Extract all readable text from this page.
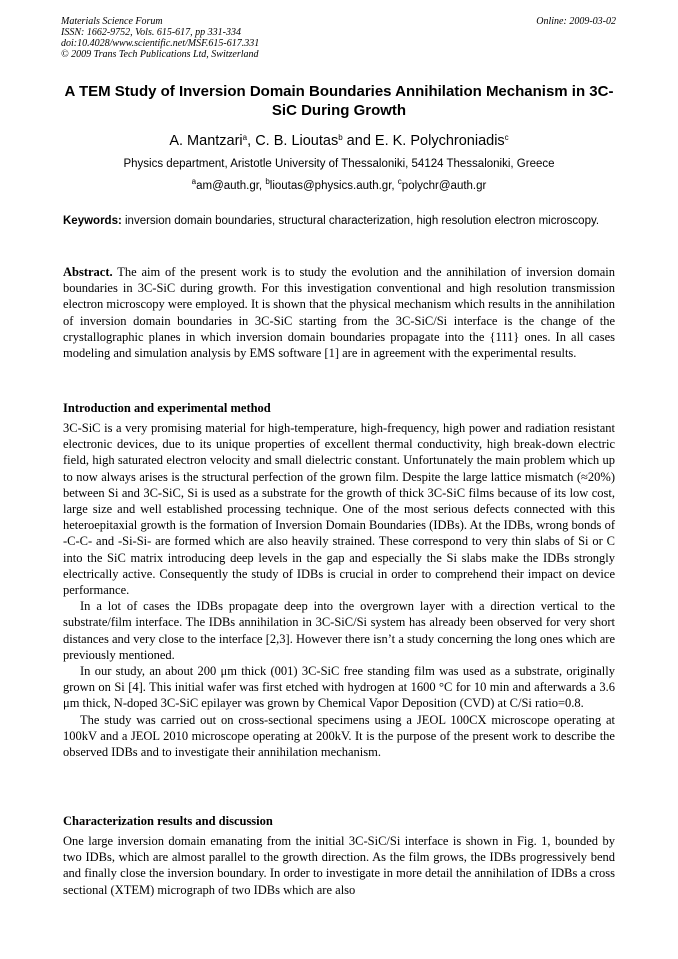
Materials Science Forum
ISSN: 1662-9752, Vols. 615-617, pp 331-334
doi:10.4028/www.scientific.net/MSF.615-617.331
© 2009 Trans Tech Publications Ltd, Switzerland
Online: 2009-03-02
A TEM Study of Inversion Domain Boundaries Annihilation Mechanism in 3C-SiC During Growth
A. Mantzari$^a$, C. B. Lioutas$^b$ and E. K. Polychroniadis$^c$
Physics department, Aristotle University of Thessaloniki, 54124 Thessaloniki, Greece
$^a$am@auth.gr, $^b$lioutas@physics.auth.gr, $^c$polychr@auth.gr
Keywords: inversion domain boundaries, structural characterization, high resolution electron microscopy.
Abstract. The aim of the present work is to study the evolution and the annihilation of inversion domain boundaries in 3C-SiC during growth. For this investigation conventional and high resolution transmission electron microscopy were employed. It is shown that the physical mechanism which results in the annihilation of inversion domain boundaries in 3C-SiC starting from the 3C-SiC/Si interface is the change of the crystallographic planes in which inversion domain boundaries propagate into the {111} ones. In all cases modeling and simulation analysis by EMS software [1] are in agreement with the experimental results.
Introduction and experimental method

3C-SiC is a very promising material for high-temperature, high-frequency, high power and radiation resistant electronic devices, due to its unique properties of excellent thermal conductivity, high break-down electric field, high saturated electron velocity and small dielectric constant. Unfortunately the main problem which up to now always arises is the structural perfection of the grown film. Despite the large lattice mismatch (≈20%) between Si and 3C-SiC, Si is used as a substrate for the growth of thick 3C-SiC films because of its low cost, large size and well established processing technique. One of the most serious defects connected with this heteroepitaxial growth is the formation of Inversion Domain Boundaries (IDBs). At the IDBs, wrong bonds of -C-C- and -Si-Si- are formed which are also heavily strained. These correspond to very thin slabs of Si or C into the SiC matrix introducing deep levels in the gap and especially the Si slabs make the IDBs strongly electrically active. Consequently the study of IDBs is crucial in order to comprehend their impact on device performance.

In a lot of cases the IDBs propagate deep into the overgrown layer with a direction vertical to the substrate/film interface. The IDBs annihilation in 3C-SiC/Si system has already been observed for very short distances and very close to the interface [2,3]. However there isn’t a study concerning the long ones which are previously mentioned.

In our study, an about 200 μm thick (001) 3C-SiC free standing film was used as a substrate, originally grown on Si [4]. This initial wafer was first etched with hydrogen at 1600 °C for 10 min and afterwards a 3.6 μm thick, N-doped 3C-SiC epilayer was grown by Chemical Vapor Deposition (CVD) at C/Si ratio=0.8.

The study was carried out on cross-sectional specimens using a JEOL 100CX microscope operating at 100kV and a JEOL 2010 microscope operating at 200kV. It is the purpose of the present work to describe the observed IDBs and to investigate their annihilation mechanism.

Characterization results and discussion

One large inversion domain emanating from the initial 3C-SiC/Si interface is shown in Fig. 1, bounded by two IDBs, which are almost parallel to the growth direction. As the film grows, the IDBs progressively bend and finally close the inversion boundary. In order to investigate in more detail the annihilation of IDBs a cross sectional (XTEM) micrograph of two IDBs which are also
